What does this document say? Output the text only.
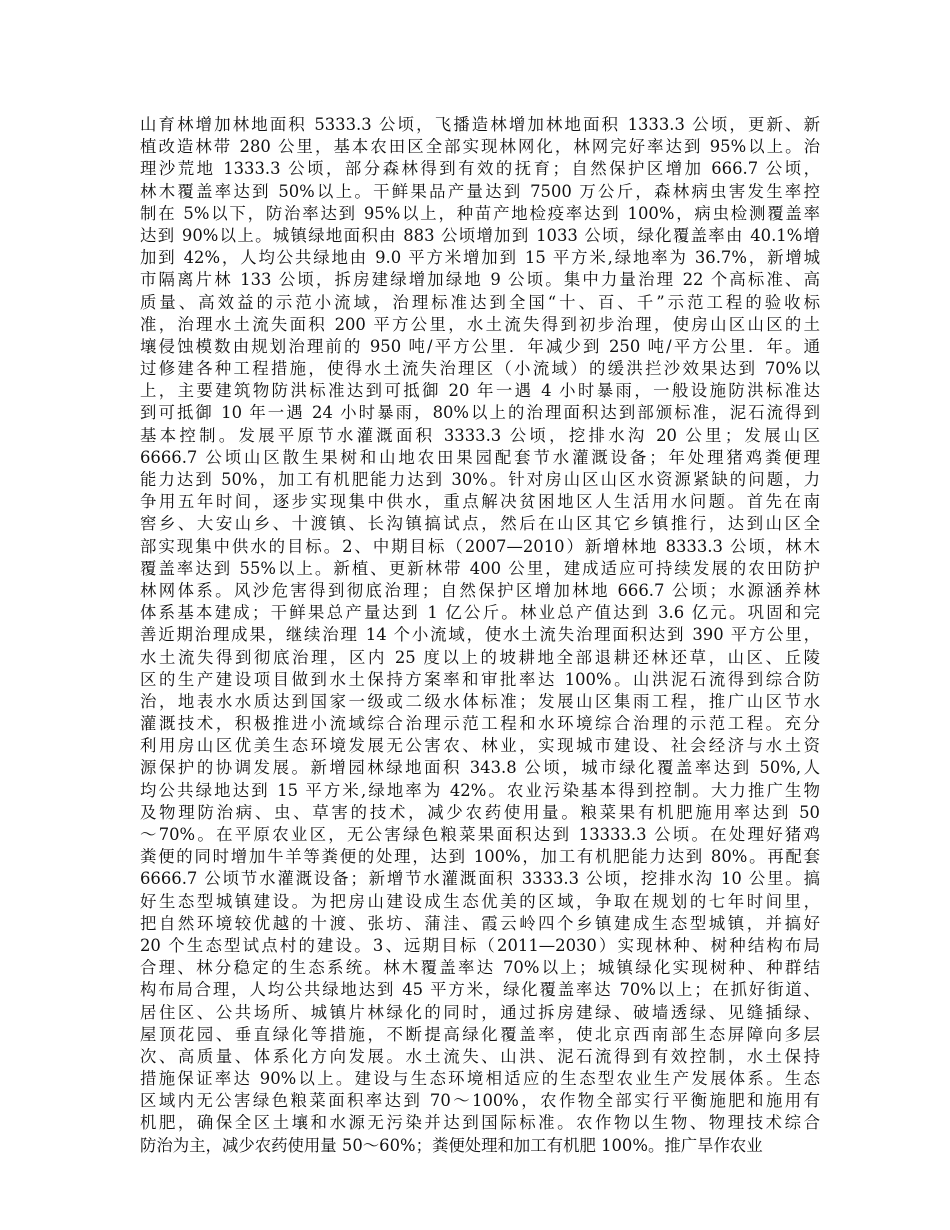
山育林增加林地面积 5333.3 公顷，飞播造林增加林地面积 1333.3 公顷，更新、新
植改造林带 280 公里，基本农田区全部实现林网化，林网完好率达到 95%以上。治
理沙荒地 1333.3 公顷，部分森林得到有效的抚育；自然保护区增加 666.7 公顷，
林木覆盖率达到 50%以上。干鲜果品产量达到 7500 万公斤，森林病虫害发生率控
制在 5%以下，防治率达到 95%以上，种苗产地检疫率达到 100%，病虫检测覆盖率
达到 90%以上。城镇绿地面积由 883 公顷增加到 1033 公顷，绿化覆盖率由 40.1%增
加到 42%，人均公共绿地由 9.0 平方米增加到 15 平方米,绿地率为 36.7%，新增城
市隔离片林 133 公顷，拆房建绿增加绿地 9 公顷。集中力量治理 22 个高标准、高
质量、高效益的示范小流域，治理标准达到全国“十、百、千”示范工程的验收标
准，治理水土流失面积 200 平方公里，水土流失得到初步治理，使房山区山区的土
壤侵蚀模数由规划治理前的 950 吨/平方公里．年减少到 250 吨/平方公里．年。通
过修建各种工程措施，使得水土流失治理区（小流域）的缓洪拦沙效果达到 70%以
上，主要建筑物防洪标准达到可抵御 20 年一遇 4 小时暴雨，一般设施防洪标准达
到可抵御 10 年一遇 24 小时暴雨，80%以上的治理面积达到部颁标准，泥石流得到
基本控制。发展平原节水灌溉面积 3333.3 公顷，挖排水沟 20 公里；发展山区
6666.7 公顷山区散生果树和山地农田果园配套节水灌溉设备；年处理猪鸡粪便理
能力达到 50%，加工有机肥能力达到 30%。针对房山区山区水资源紧缺的问题，力
争用五年时间，逐步实现集中供水，重点解决贫困地区人生活用水问题。首先在南
窖乡、大安山乡、十渡镇、长沟镇搞试点，然后在山区其它乡镇推行，达到山区全
部实现集中供水的目标。2、中期目标（2007—2010）新增林地 8333.3 公顷，林木
覆盖率达到 55%以上。新植、更新林带 400 公里，建成适应可持续发展的农田防护
林网体系。风沙危害得到彻底治理；自然保护区增加林地 666.7 公顷；水源涵养林
体系基本建成；干鲜果总产量达到 1 亿公斤。林业总产值达到 3.6 亿元。巩固和完
善近期治理成果，继续治理 14 个小流域，使水土流失治理面积达到 390 平方公里，
水土流失得到彻底治理，区内 25 度以上的坡耕地全部退耕还林还草，山区、丘陵
区的生产建设项目做到水土保持方案率和审批率达 100%。山洪泥石流得到综合防
治，地表水水质达到国家一级或二级水体标准；发展山区集雨工程，推广山区节水
灌溉技术，积极推进小流域综合治理示范工程和水环境综合治理的示范工程。充分
利用房山区优美生态环境发展无公害农、林业，实现城市建设、社会经济与水土资
源保护的协调发展。新增园林绿地面积 343.8 公顷，城市绿化覆盖率达到 50%,人
均公共绿地达到 15 平方米,绿地率为 42%。农业污染基本得到控制。大力推广生物
及物理防治病、虫、草害的技术，减少农药使用量。粮菜果有机肥施用率达到 50
～70%。在平原农业区，无公害绿色粮菜果面积达到 13333.3 公顷。在处理好猪鸡
粪便的同时增加牛羊等粪便的处理，达到 100%，加工有机肥能力达到 80%。再配套
6666.7 公顷节水灌溉设备；新增节水灌溉面积 3333.3 公顷，挖排水沟 10 公里。搞
好生态型城镇建设。为把房山建设成生态优美的区域，争取在规划的七年时间里，
把自然环境较优越的十渡、张坊、蒲洼、霞云岭四个乡镇建成生态型城镇，并搞好
20 个生态型试点村的建设。3、远期目标（2011—2030）实现林种、树种结构布局
合理、林分稳定的生态系统。林木覆盖率达 70%以上；城镇绿化实现树种、种群结
构布局合理，人均公共绿地达到 45 平方米，绿化覆盖率达 70%以上；在抓好街道、
居住区、公共场所、城镇片林绿化的同时，通过拆房建绿、破墙透绿、见缝插绿、
屋顶花园、垂直绿化等措施，不断提高绿化覆盖率，使北京西南部生态屏障向多层
次、高质量、体系化方向发展。水土流失、山洪、泥石流得到有效控制，水土保持
措施保证率达 90%以上。建设与生态环境相适应的生态型农业生产发展体系。生态
区域内无公害绿色粮菜面积率达到 70～100%，农作物全部实行平衡施肥和施用有
机肥，确保全区土壤和水源无污染并达到国际标准。农作物以生物、物理技术综合
防治为主，减少农药使用量 50～60%；粪便处理和加工有机肥 100%。推广旱作农业
